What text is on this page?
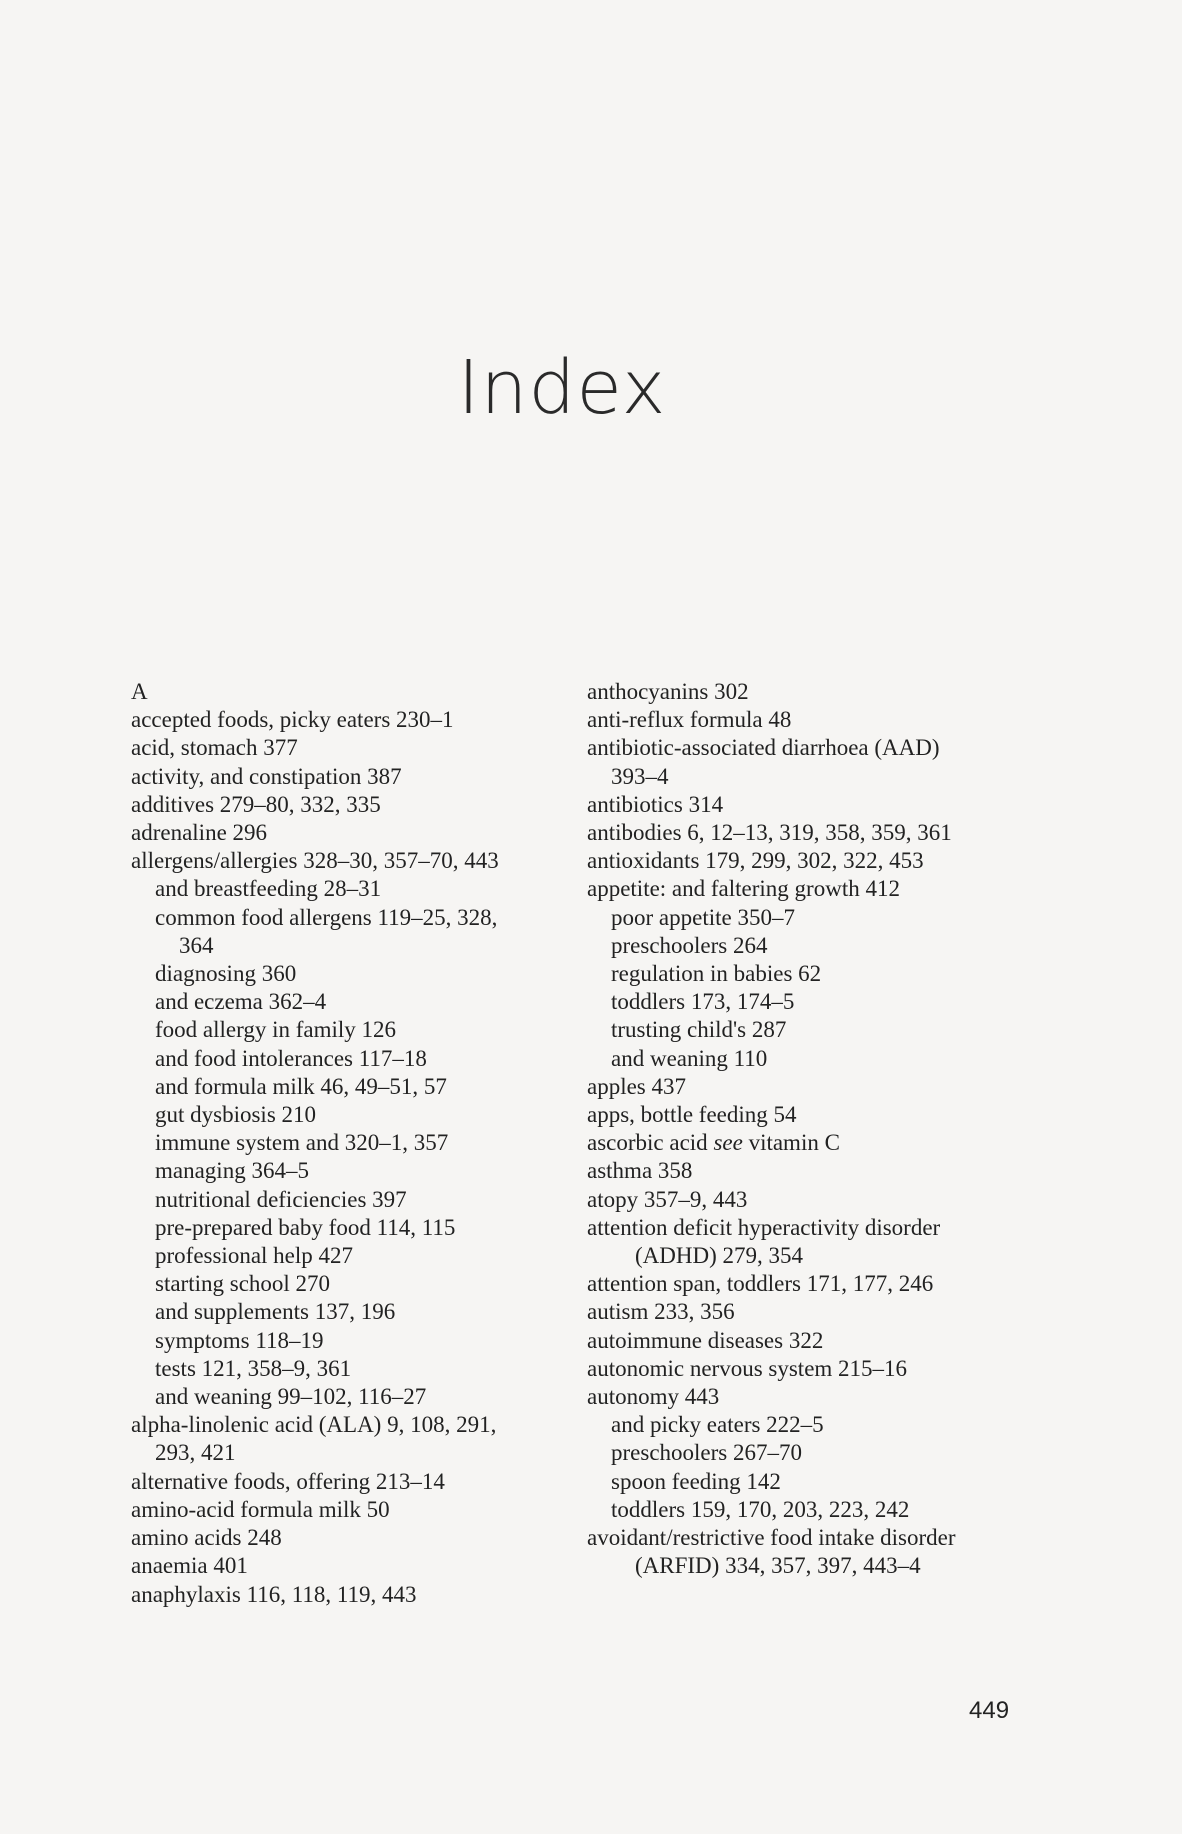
Index
A
accepted foods, picky eaters 230–1
acid, stomach 377
activity, and constipation 387
additives 279–80, 332, 335
adrenaline 296
allergens/allergies 328–30, 357–70, 443
and breastfeeding 28–31
common food allergens 119–25, 328,
364
diagnosing 360
and eczema 362–4
food allergy in family 126
and food intolerances 117–18
and formula milk 46, 49–51, 57
gut dysbiosis 210
immune system and 320–1, 357
managing 364–5
nutritional deficiencies 397
pre-prepared baby food 114, 115
professional help 427
starting school 270
and supplements 137, 196
symptoms 118–19
tests 121, 358–9, 361
and weaning 99–102, 116–27
alpha-linolenic acid (ALA) 9, 108, 291,
293, 421
alternative foods, offering 213–14
amino-acid formula milk 50
amino acids 248
anaemia 401
anaphylaxis 116, 118, 119, 443
anthocyanins 302
anti-reflux formula 48
antibiotic-associated diarrhoea (AAD)
393–4
antibiotics 314
antibodies 6, 12–13, 319, 358, 359, 361
antioxidants 179, 299, 302, 322, 453
appetite: and faltering growth 412
poor appetite 350–7
preschoolers 264
regulation in babies 62
toddlers 173, 174–5
trusting child's 287
and weaning 110
apples 437
apps, bottle feeding 54
ascorbic acid see vitamin C
asthma 358
atopy 357–9, 443
attention deficit hyperactivity disorder
(ADHD) 279, 354
attention span, toddlers 171, 177, 246
autism 233, 356
autoimmune diseases 322
autonomic nervous system 215–16
autonomy 443
and picky eaters 222–5
preschoolers 267–70
spoon feeding 142
toddlers 159, 170, 203, 223, 242
avoidant/restrictive food intake disorder
(ARFID) 334, 357, 397, 443–4
449
